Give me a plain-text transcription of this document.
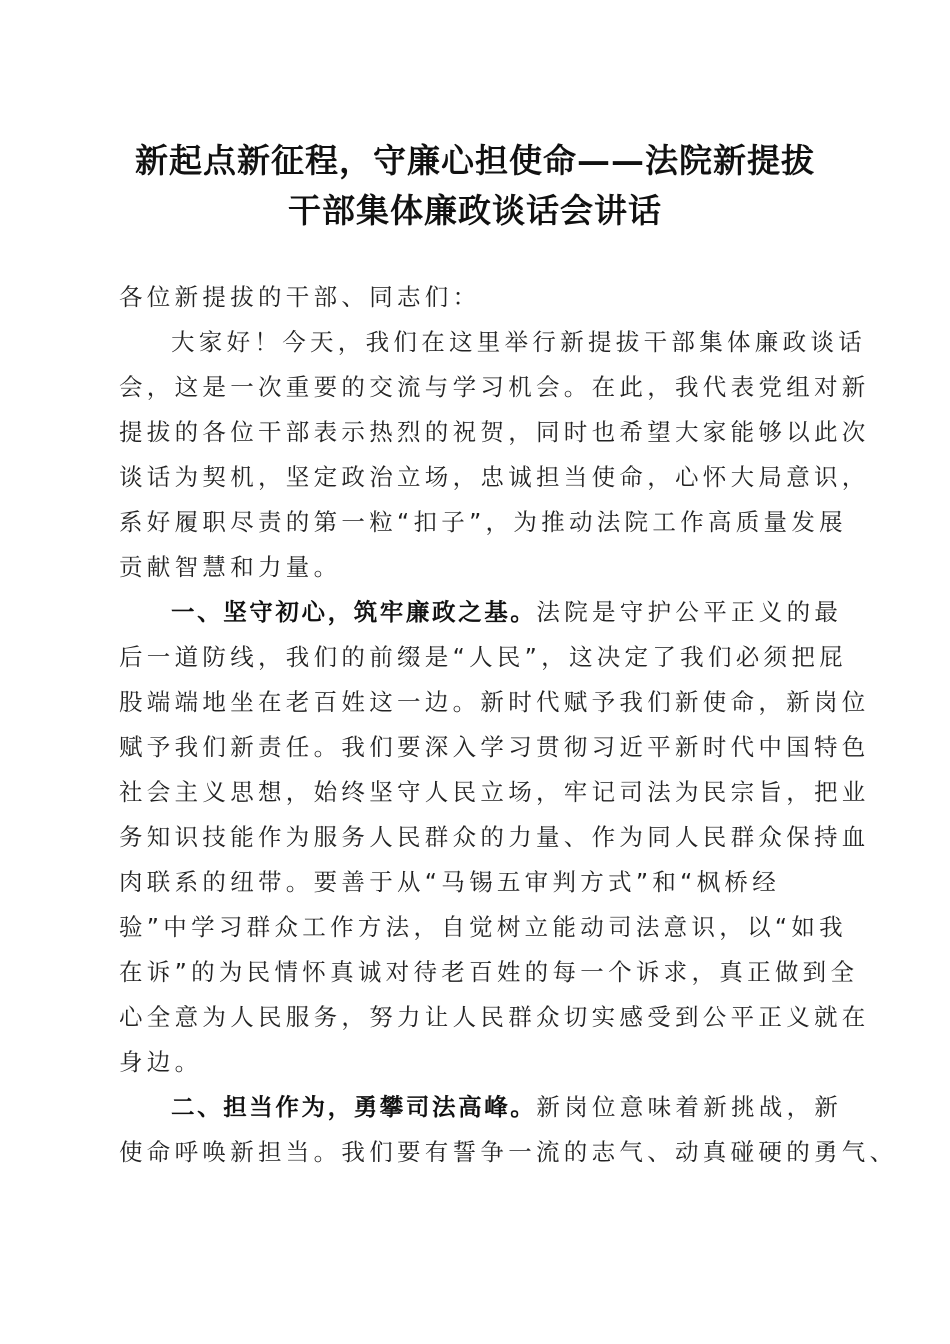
新起点新征程，守廉心担使命——法院新提拔
干部集体廉政谈话会讲话
各位新提拔的干部、同志们：
大家好！今天，我们在这里举行新提拔干部集体廉政谈话
会，这是一次重要的交流与学习机会。在此，我代表党组对新
提拔的各位干部表示热烈的祝贺，同时也希望大家能够以此次
谈话为契机，坚定政治立场，忠诚担当使命，心怀大局意识，
系好履职尽责的第一粒“扣子”，为推动法院工作高质量发展
贡献智慧和力量。
一、坚守初心，筑牢廉政之基。法院是守护公平正义的最
后一道防线，我们的前缀是“人民”，这决定了我们必须把屁
股端端地坐在老百姓这一边。新时代赋予我们新使命，新岗位
赋予我们新责任。我们要深入学习贯彻习近平新时代中国特色
社会主义思想，始终坚守人民立场，牢记司法为民宗旨，把业
务知识技能作为服务人民群众的力量、作为同人民群众保持血
肉联系的纽带。要善于从“马锡五审判方式”和“枫桥经
验”中学习群众工作方法，自觉树立能动司法意识，以“如我
在诉”的为民情怀真诚对待老百姓的每一个诉求，真正做到全
心全意为人民服务，努力让人民群众切实感受到公平正义就在
身边。
二、担当作为，勇攀司法高峰。新岗位意味着新挑战，新
使命呼唤新担当。我们要有誓争一流的志气、动真碰硬的勇气、
